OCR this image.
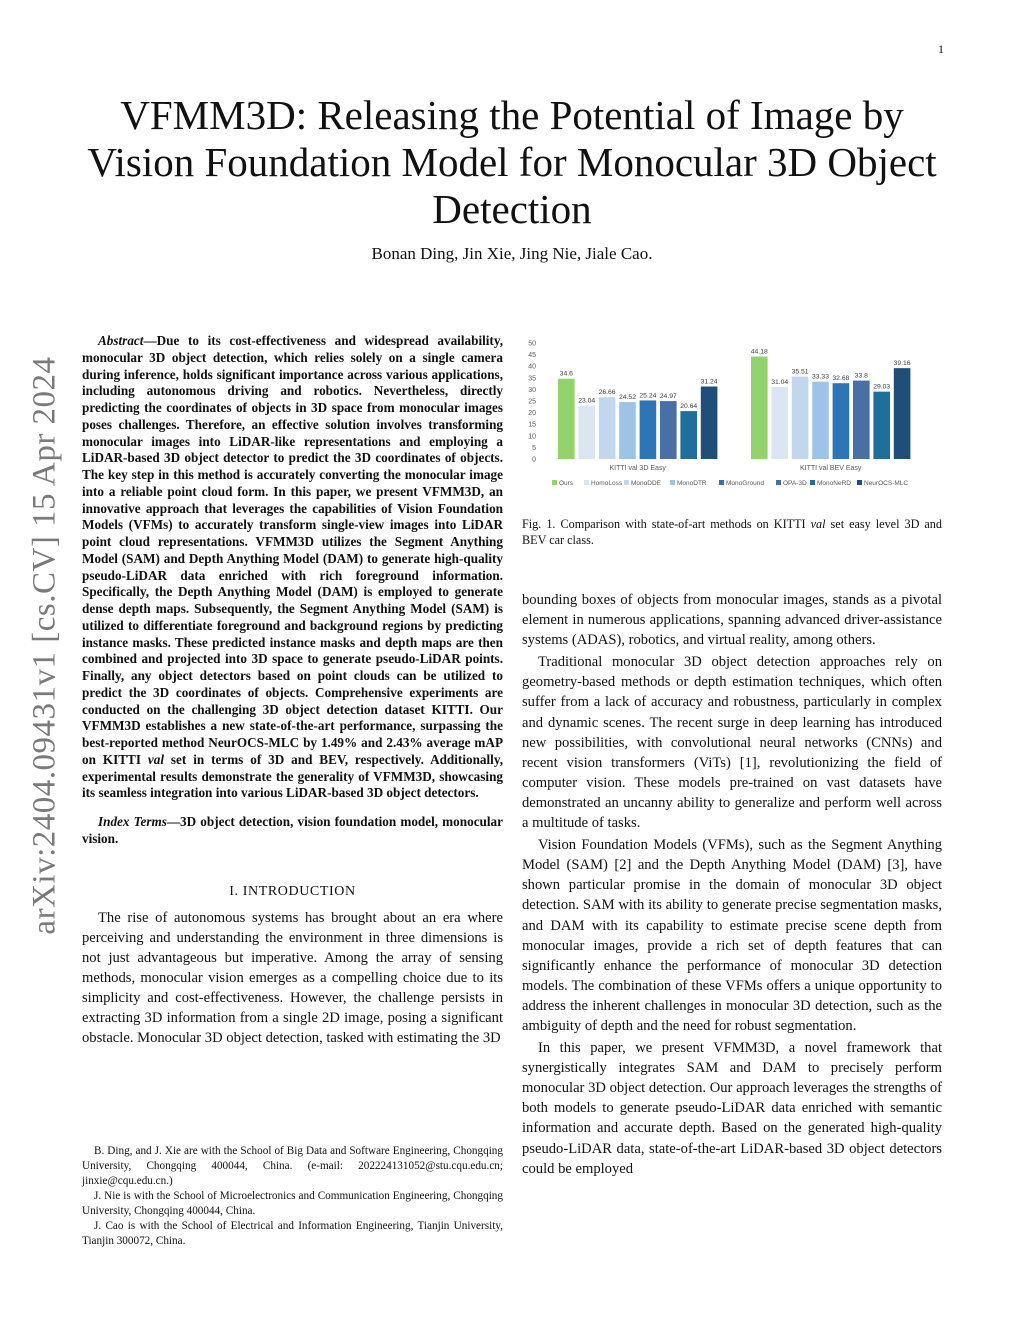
1
arXiv:2404.09431v1 [cs.CV] 15 Apr 2024
VFMM3D: Releasing the Potential of Image by
Vision Foundation Model for Monocular 3D Object
Detection
Bonan Ding, Jin Xie, Jing Nie, Jiale Cao.

Abstract—Due to its cost-effectiveness and widespread availability, monocular 3D object detection, which relies solely on a single camera during inference, holds significant importance across various applications, including autonomous driving and robotics. Nevertheless, directly predicting the coordinates of objects in 3D space from monocular images poses challenges. Therefore, an effective solution involves transforming monocular images into LiDAR-like representations and employing a LiDAR-based 3D object detector to predict the 3D coordinates of objects. The key step in this method is accurately converting the monocular image into a reliable point cloud form. In this paper, we present VFMM3D, an innovative approach that leverages the capabilities of Vision Foundation Models (VFMs) to accurately transform single-view images into LiDAR point cloud representations. VFMM3D utilizes the Segment Anything Model (SAM) and Depth Anything Model (DAM) to generate high-quality pseudo-LiDAR data enriched with rich foreground information. Specifically, the Depth Anything Model (DAM) is employed to generate dense depth maps. Subsequently, the Segment Anything Model (SAM) is utilized to differentiate foreground and background regions by predicting instance masks. These predicted instance masks and depth maps are then combined and projected into 3D space to generate pseudo-LiDAR points. Finally, any object detectors based on point clouds can be utilized to predict the 3D coordinates of objects. Comprehensive experiments are conducted on the challenging 3D object detection dataset KITTI. Our VFMM3D establishes a new state-of-the-art performance, surpassing the best-reported method NeurOCS-MLC by 1.49% and 2.43% average mAP on KITTI val set in terms of 3D and BEV, respectively. Additionally, experimental results demonstrate the generality of VFMM3D, showcasing its seamless integration into various LiDAR-based 3D object detectors.

Index Terms—3D object detection, vision foundation model, monocular vision.

I. INTRODUCTION

The rise of autonomous systems has brought about an era where perceiving and understanding the environment in three dimensions is not just advantageous but imperative. Among the array of sensing methods, monocular vision emerges as a compelling choice due to its simplicity and cost-effectiveness. However, the challenge persists in extracting 3D information from a single 2D image, posing a significant obstacle. Monocular 3D object detection, tasked with estimating the 3D

B. Ding, and J. Xie are with the School of Big Data and Software Engineering, Chongqing University, Chongqing 400044, China. (e-mail: 202224131052@stu.cqu.edu.cn; jinxie@cqu.edu.cn.)

J. Nie is with the School of Microelectronics and Communication Engineering, Chongqing University, Chongqing 400044, China.

J. Cao is with the School of Electrical and Information Engineering, Tianjin University, Tianjin 300072, China.

0
5
10
15
20
25
30
35
40
45
50
34.6
23.04
26.66
24.52 25.24 24.97
20.64
31.24
KITTI val 3D Easy
44.18
31.04
35.51
33.33 32.68 33.8
29.03
39.16
KITTI val BEV Easy
Ours	HomoLoss MonoDDE MonoDTR	MonoGround	OPA-3D MonoNeRD NeurOCS-MLC

Fig. 1. Comparison with state-of-art methods on KITTI val set easy level 3D and BEV car class.

bounding boxes of objects from monocular images, stands as a pivotal element in numerous applications, spanning advanced driver-assistance systems (ADAS), robotics, and virtual reality, among others.

Traditional monocular 3D object detection approaches rely on geometry-based methods or depth estimation techniques, which often suffer from a lack of accuracy and robustness, particularly in complex and dynamic scenes. The recent surge in deep learning has introduced new possibilities, with convolutional neural networks (CNNs) and recent vision transformers (ViTs) [1], revolutionizing the field of computer vision. These models pre-trained on vast datasets have demonstrated an uncanny ability to generalize and perform well across a multitude of tasks.

Vision Foundation Models (VFMs), such as the Segment Anything Model (SAM) [2] and the Depth Anything Model (DAM) [3], have shown particular promise in the domain of monocular 3D object detection. SAM with its ability to generate precise segmentation masks, and DAM with its capability to estimate precise scene depth from monocular images, provide a rich set of depth features that can significantly enhance the performance of monocular 3D detection models. The combination of these VFMs offers a unique opportunity to address the inherent challenges in monocular 3D detection, such as the ambiguity of depth and the need for robust segmentation.

In this paper, we present VFMM3D, a novel framework that synergistically integrates SAM and DAM to precisely perform monocular 3D object detection. Our approach leverages the strengths of both models to generate pseudo-LiDAR data enriched with semantic information and accurate depth. Based on the generated high-quality pseudo-LiDAR data, state-of-the-art LiDAR-based 3D object detectors could be employed
